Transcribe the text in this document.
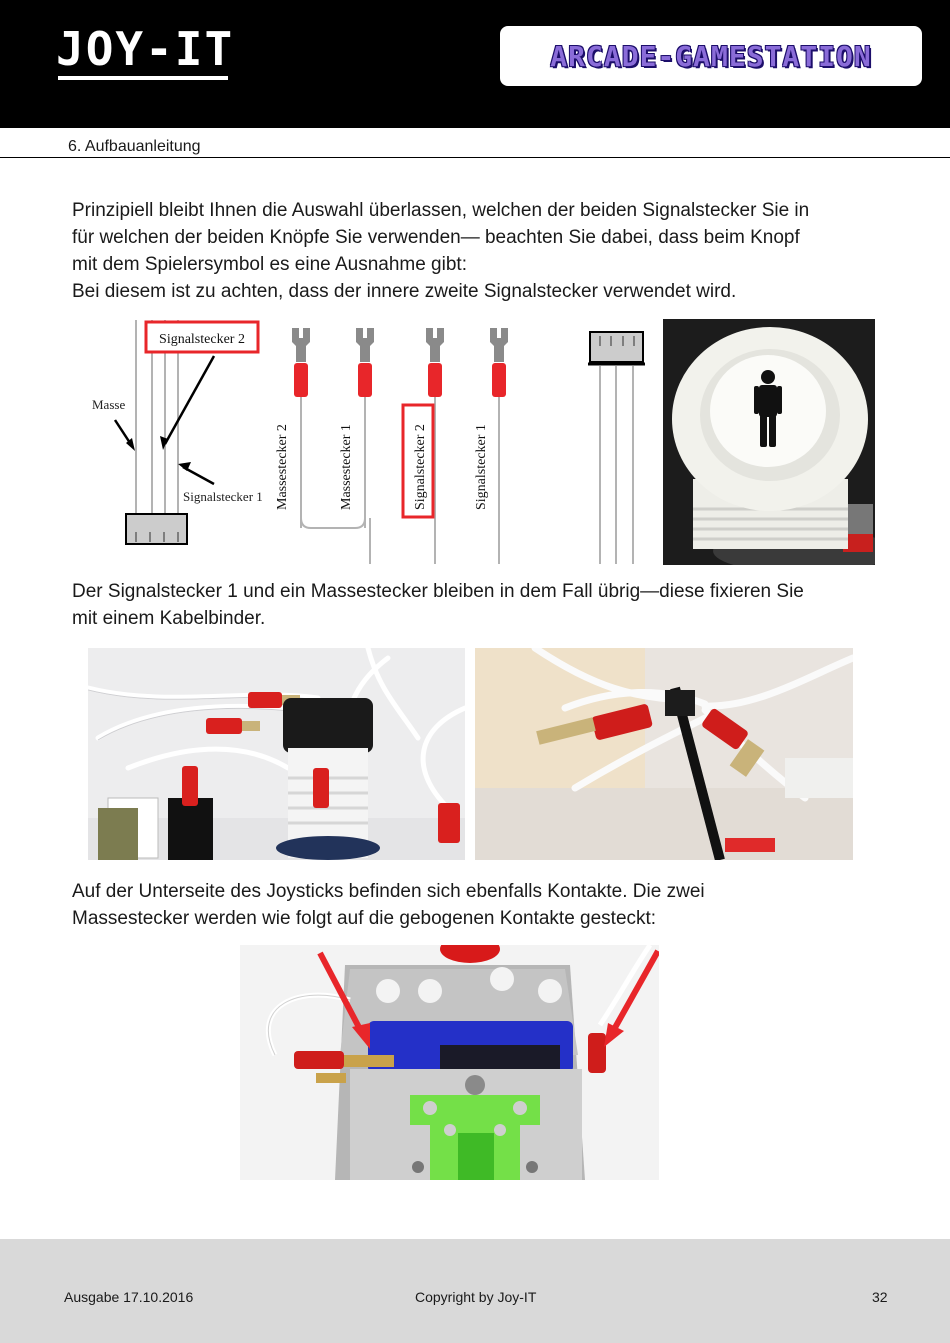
JOY-IT	ARCADE-GAMESTATION
6. Aufbauanleitung

Prinzipiell bleibt Ihnen die Auswahl überlassen, welchen der beiden Signalstecker Sie in

für welchen der beiden Knöpfe Sie verwenden— beachten Sie dabei, dass beim Knopf

mit dem Spielersymbol es eine Ausnahme gibt:

Bei diesem ist zu achten, dass der innere zweite Signalstecker verwendet wird.

Signalstecker 2
Masse
Signalstecker 1 Massestecker 2	Massestecker 1	Signalstecker 2	Signalstecker 1

Der Signalstecker 1 und ein Massestecker bleiben in dem Fall übrig—diese fixieren Sie

mit einem Kabelbinder.

Auf der Unterseite des Joysticks befinden sich ebenfalls Kontakte. Die zwei

Massestecker werden wie folgt auf die gebogenen Kontakte gesteckt:

Ausgabe 17.10.2016	Copyright by Joy-IT	32
